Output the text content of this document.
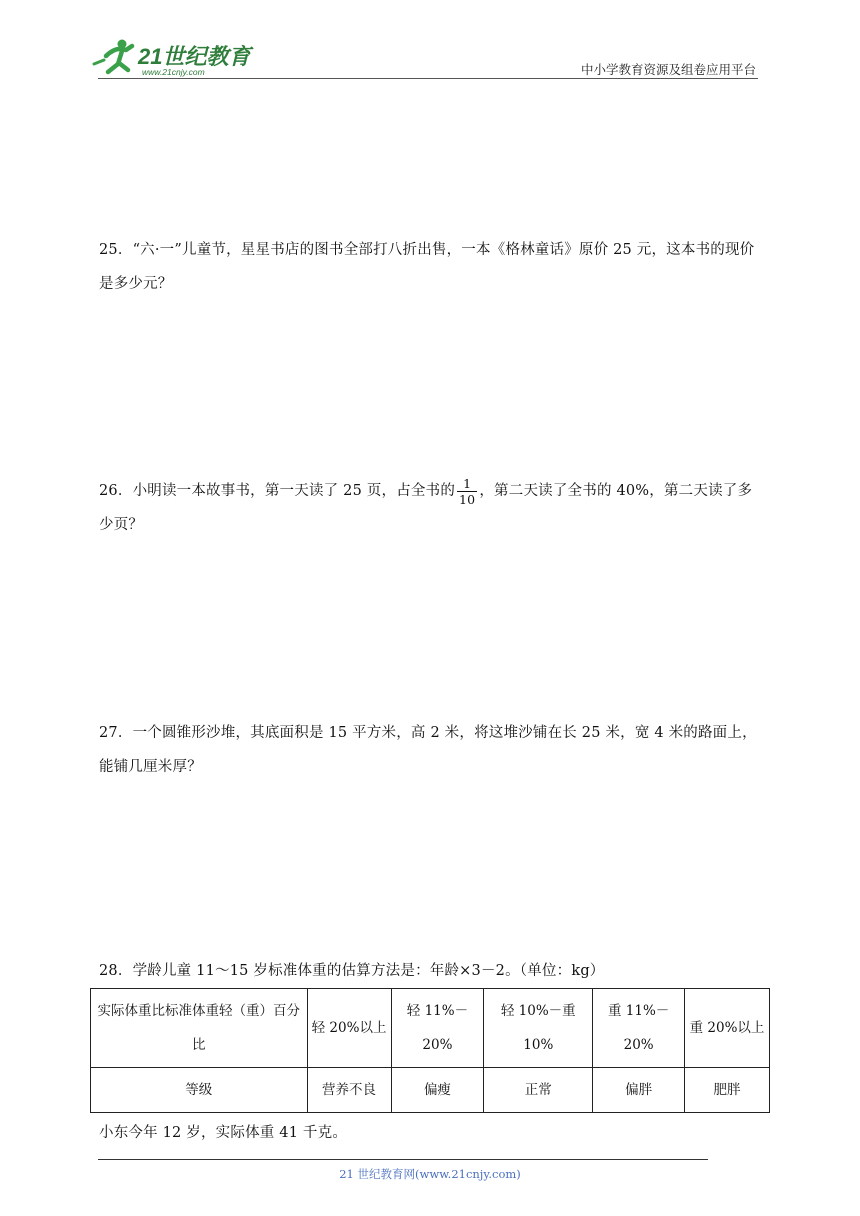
21世纪教育
www.21cnjy.com	中小学教育资源及组卷应用平台
25．“六·一”儿童节，星星书店的图书全部打八折出售，一本《格林童话》原价 25 元，这本书的现价是多少元？
26．小明读一本故事书，第一天读了 25 页，占全书的 $\frac{1}{10}$ ，第二天读了全书的 40%，第二天读了多少页？
27．一个圆锥形沙堆，其底面积是 15 平方米，高 2 米，将这堆沙铺在长 25 米，宽 4 米的路面上，能铺几厘米厚？
28．学龄儿童 11～15 岁标准体重的估算方法是：年龄×3－2。（单位：kg）
实际体重比标准体重轻（重）百分比	轻 20%以上	轻 11%－20%	轻 10%－重 10%	重 11%－20%	重 20%以上
等级	营养不良	偏瘦	正常	偏胖	肥胖
小东今年 12 岁，实际体重 41 千克。
21 世纪教育网(www.21cnjy.com)
